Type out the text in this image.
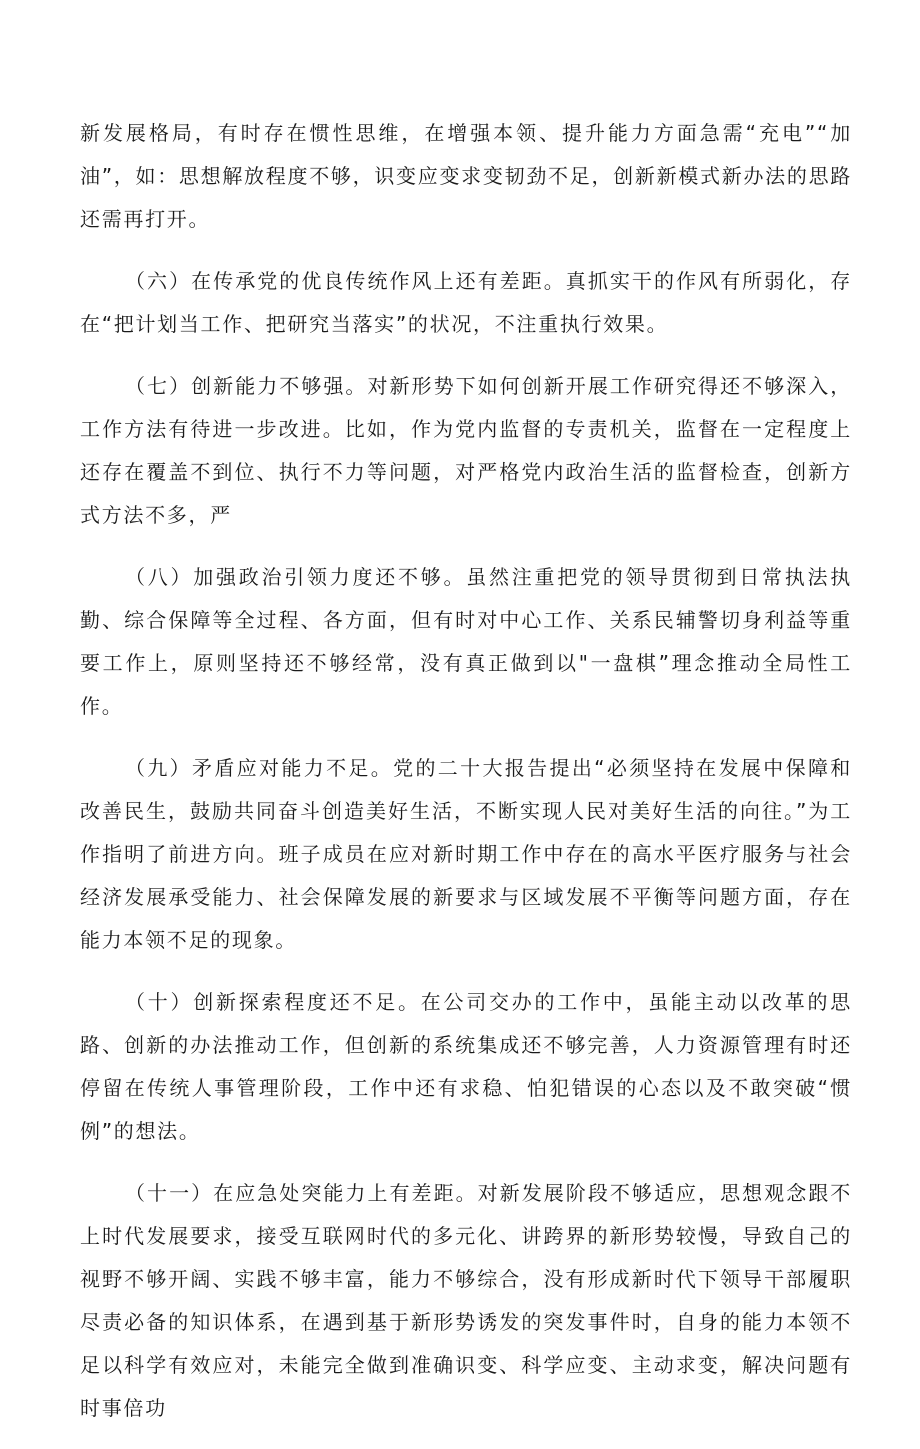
新发展格局，有时存在惯性思维，在增强本领、提升能力方面急需“充电”“加油”，如：思想解放程度不够，识变应变求变韧劲不足，创新新模式新办法的思路还需再打开。

（六）在传承党的优良传统作风上还有差距。真抓实干的作风有所弱化，存在“把计划当工作、把研究当落实”的状况，不注重执行效果。

（七）创新能力不够强。对新形势下如何创新开展工作研究得还不够深入，工作方法有待进一步改进。比如，作为党内监督的专责机关，监督在一定程度上还存在覆盖不到位、执行不力等问题，对严格党内政治生活的监督检查，创新方式方法不多，严

（八）加强政治引领力度还不够。虽然注重把党的领导贯彻到日常执法执勤、综合保障等全过程、各方面，但有时对中心工作、关系民辅警切身利益等重要工作上，原则坚持还不够经常，没有真正做到以"一盘棋”理念推动全局性工作。

（九）矛盾应对能力不足。党的二十大报告提出“必须坚持在发展中保障和改善民生，鼓励共同奋斗创造美好生活，不断实现人民对美好生活的向往。”为工作指明了前进方向。班子成员在应对新时期工作中存在的高水平医疗服务与社会经济发展承受能力、社会保障发展的新要求与区域发展不平衡等问题方面，存在能力本领不足的现象。

（十）创新探索程度还不足。在公司交办的工作中，虽能主动以改革的思路、创新的办法推动工作，但创新的系统集成还不够完善，人力资源管理有时还停留在传统人事管理阶段，工作中还有求稳、怕犯错误的心态以及不敢突破“惯例”的想法。

（十一）在应急处突能力上有差距。对新发展阶段不够适应，思想观念跟不上时代发展要求，接受互联网时代的多元化、讲跨界的新形势较慢，导致自己的视野不够开阔、实践不够丰富，能力不够综合，没有形成新时代下领导干部履职尽责必备的知识体系，在遇到基于新形势诱发的突发事件时，自身的能力本领不足以科学有效应对，未能完全做到准确识变、科学应变、主动求变，解决问题有时事倍功
